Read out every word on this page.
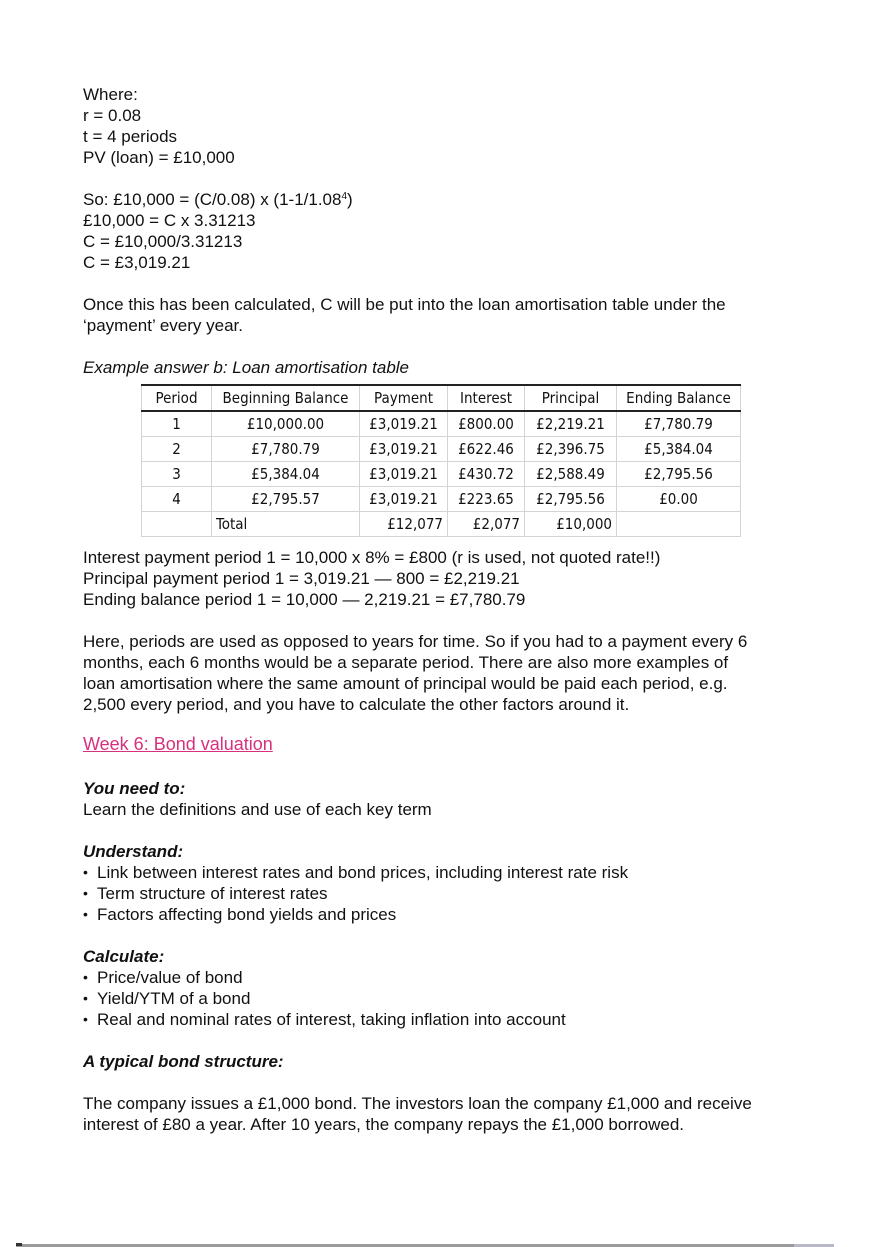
Where:
r = 0.08
t = 4 periods
PV (loan) = £10,000
So: £10,000 = (C/0.08) x (1-1/1.08$^4$)
£10,000 = C x 3.31213
C = £10,000/3.31213
C = £3,019.21
Once this has been calculated, C will be put into the loan amortisation table under the
‘payment’ every year.
Example answer b: Loan amortisation table
Period	Beginning Balance	Payment	Interest	Principal	Ending Balance
1	£10,000.00	£3,019.21	£800.00	£2,219.21	£7,780.79
2	£7,780.79	£3,019.21	£622.46	£2,396.75	£5,384.04
3	£5,384.04	£3,019.21	£430.72	£2,588.49	£2,795.56
4	£2,795.57	£3,019.21	£223.65	£2,795.56	£0.00
	Total	£12,077	£2,077	£10,000	
Interest payment period 1 = 10,000 x 8% = £800 (r is used, not quoted rate!!)
Principal payment period 1 = 3,019.21 — 800 = £2,219.21
Ending balance period 1 = 10,000 — 2,219.21 = £7,780.79
Here, periods are used as opposed to years for time. So if you had to a payment every 6
months, each 6 months would be a separate period. There are also more examples of
loan amortisation where the same amount of principal would be paid each period, e.g.
2,500 every period, and you have to calculate the other factors around it.
Week 6: Bond valuation
You need to:
Learn the definitions and use of each key term
Understand:
• Link between interest rates and bond prices, including interest rate risk
• Term structure of interest rates
• Factors affecting bond yields and prices
Calculate:
• Price/value of bond
• Yield/YTM of a bond
• Real and nominal rates of interest, taking inflation into account
A typical bond structure:
The company issues a £1,000 bond. The investors loan the company £1,000 and receive
interest of £80 a year. After 10 years, the company repays the £1,000 borrowed.
